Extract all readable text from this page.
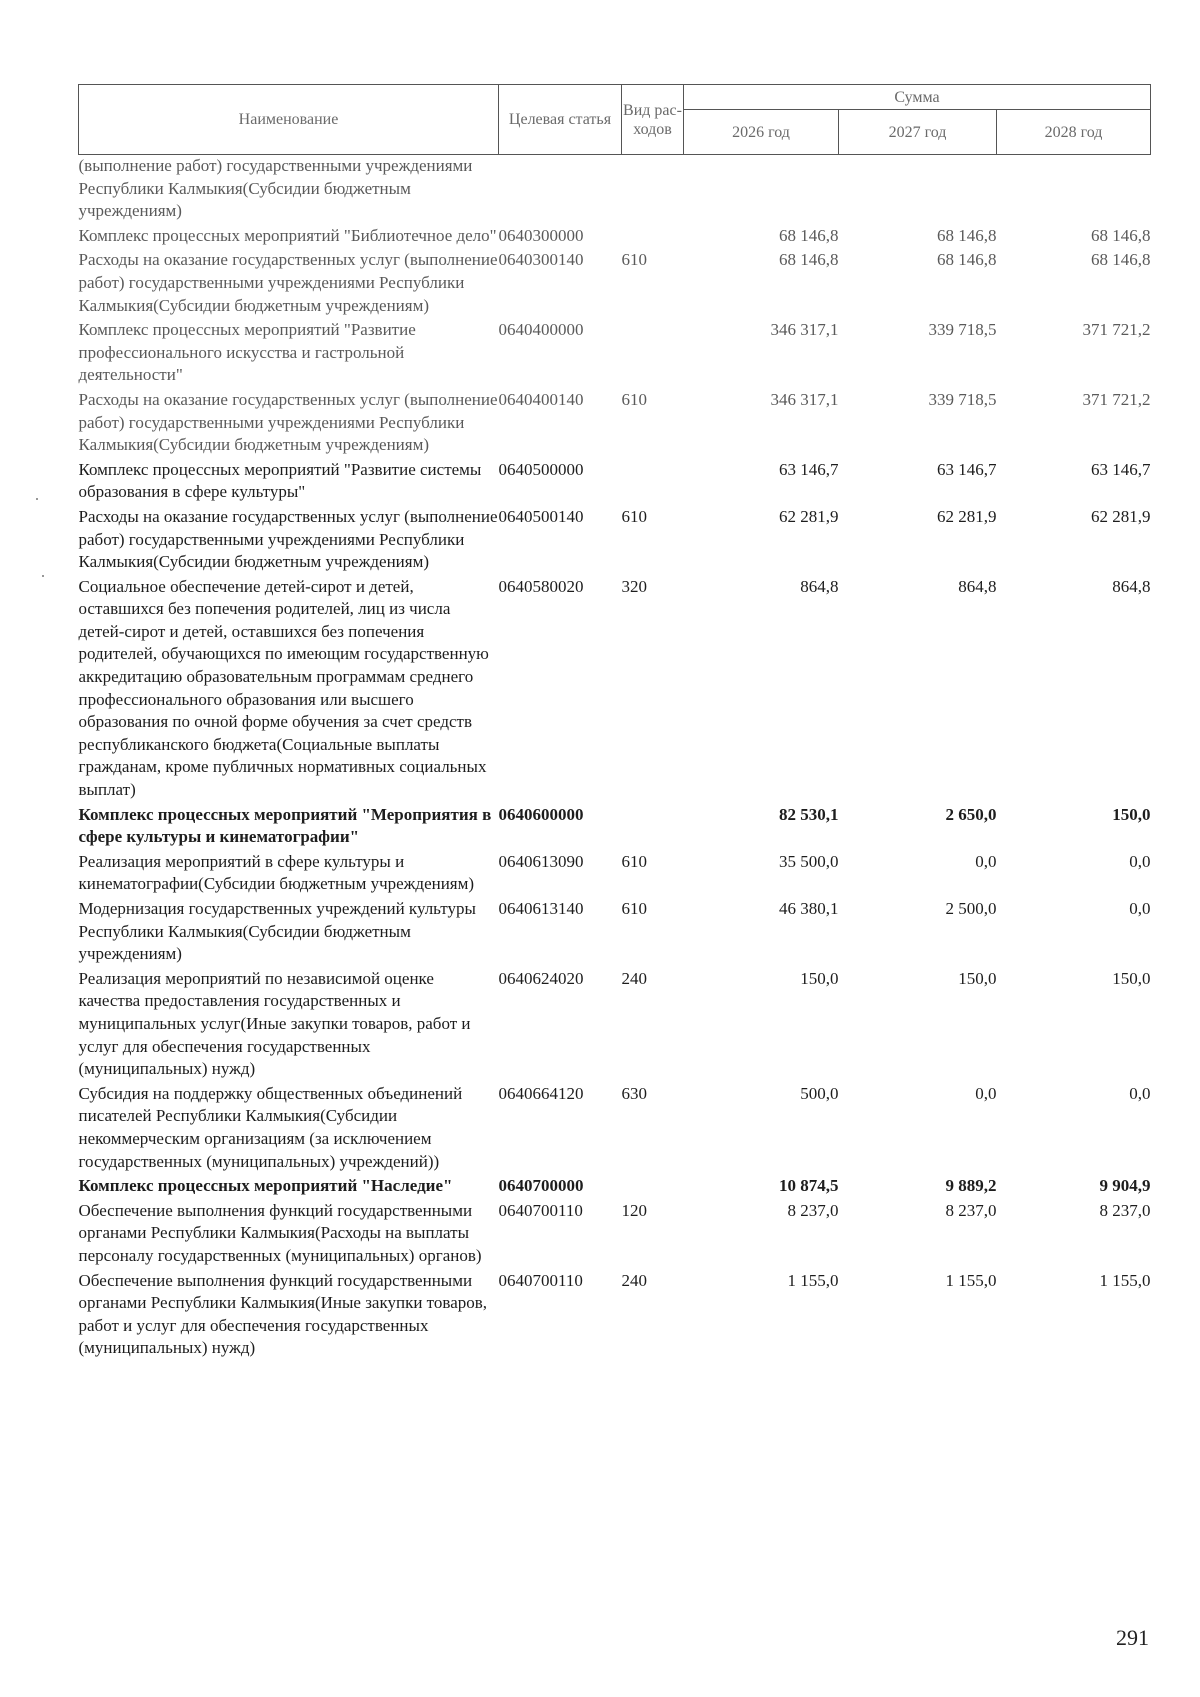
Наименование	Целевая статья	Вид рас- ходов	Сумма		
			2026 год	2027 год	2028 год
(выполнение работ) государственными учреждениями Республики Калмыкия(Субсидии бюджетным учреждениям)					
Комплекс процессных мероприятий "Библиотечное дело"	0640300000		68 146,8	68 146,8	68 146,8
Расходы на оказание государственных услуг (выполнение работ) государственными учреждениями Республики Калмыкия(Субсидии бюджетным учреждениям)	0640300140	610	68 146,8	68 146,8	68 146,8
Комплекс процессных мероприятий "Развитие профессионального искусства и гастрольной деятельности"	0640400000		346 317,1	339 718,5	371 721,2
Расходы на оказание государственных услуг (выполнение работ) государственными учреждениями Республики Калмыкия(Субсидии бюджетным учреждениям)	0640400140	610	346 317,1	339 718,5	371 721,2
Комплекс процессных мероприятий "Развитие системы образования в сфере культуры"	0640500000		63 146,7	63 146,7	63 146,7
Расходы на оказание государственных услуг (выполнение работ) государственными учреждениями Республики Калмыкия(Субсидии бюджетным учреждениям)	0640500140	610	62 281,9	62 281,9	62 281,9
Социальное обеспечение детей-сирот и детей, оставшихся без попечения родителей, лиц из числа детей-сирот и детей, оставшихся без попечения родителей, обучающихся по имеющим государственную аккредитацию образовательным программам среднего профессионального образования или высшего образования по очной форме обучения за счет средств республиканского бюджета(Социальные выплаты гражданам, кроме публичных нормативных социальных выплат)	0640580020	320	864,8	864,8	864,8
Комплекс процессных мероприятий "Мероприятия в сфере культуры и кинематографии"	0640600000		82 530,1	2 650,0	150,0
Реализация мероприятий в сфере культуры и кинематографии(Субсидии бюджетным учреждениям)	0640613090	610	35 500,0	0,0	0,0
Модернизация государственных учреждений культуры Республики Калмыкия(Субсидии бюджетным учреждениям)	0640613140	610	46 380,1	2 500,0	0,0
Реализация мероприятий по независимой оценке качества предоставления государственных и муниципальных услуг(Иные закупки товаров, работ и услуг для обеспечения государственных (муниципальных) нужд)	0640624020	240	150,0	150,0	150,0
Субсидия на поддержку общественных объединений писателей Республики Калмыкия(Субсидии некоммерческим организациям (за исключением государственных (муниципальных) учреждений))	0640664120	630	500,0	0,0	0,0
Комплекс процессных мероприятий "Наследие"	0640700000		10 874,5	9 889,2	9 904,9
Обеспечение выполнения функций государственными органами Республики Калмыкия(Расходы на выплаты персоналу государственных (муниципальных) органов)	0640700110	120	8 237,0	8 237,0	8 237,0
Обеспечение выполнения функций государственными органами Республики Калмыкия(Иные закупки товаров, работ и услуг для обеспечения государственных (муниципальных) нужд)	0640700110	240	1 155,0	1 155,0	1 155,0
291
